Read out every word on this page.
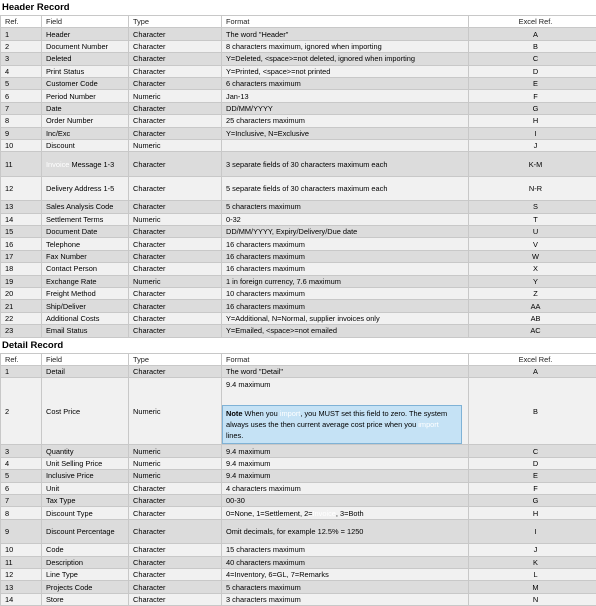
Header Record
Ref.	Field	Type	Format	Excel Ref.
1	Header	Character	The word "Header"	A
2	Document Number	Character	8 characters maximum, ignored when importing	B
3	Deleted	Character	Y=Deleted, <space>=not deleted, ignored when importing	C
4	Print Status	Character	Y=Printed, <space>=not printed	D
5	Customer Code	Character	6 characters maximum	E
6	Period Number	Numeric	Jan-13	F
7	Date	Character	DD/MM/YYYY	G
8	Order Number	Character	25 characters maximum	H
9	Inc/Exc	Character	Y=Inclusive, N=Exclusive	I
10	Discount	Numeric		J
11	Invoice Message 1-3	Character	3 separate fields of 30 characters maximum each	K-M
12	Delivery Address 1-5	Character	5 separate fields of 30 characters maximum each	N-R
13	Sales Analysis Code	Character	5 characters maximum	S
14	Settlement Terms	Numeric	0-32	T
15	Document Date	Character	DD/MM/YYYY, Expiry/Delivery/Due date	U
16	Telephone	Character	16 characters maximum	V
17	Fax Number	Character	16 characters maximum	W
18	Contact Person	Character	16 characters maximum	X
19	Exchange Rate	Numeric	1 in foreign currency, 7.6 maximum	Y
20	Freight Method	Character	10 characters maximum	Z
21	Ship/Deliver	Character	16 characters maximum	AA
22	Additional Costs	Character	Y=Additional, N=Normal, supplier invoices only	AB
23	Email Status	Character	Y=Emailed, <space>=not emailed	AC
Detail Record
Ref.	Field	Type	Format	Excel Ref.
1	Detail	Character	The word "Detail"	A
2	Cost Price	Numeric	9.4 maximum
Note When you import, you MUST set this field to zero. The system always uses the then current average cost price when you import lines.	B
3	Quantity	Numeric	9.4 maximum	C
4	Unit Selling Price	Numeric	9.4 maximum	D
5	Inclusive Price	Numeric	9.4 maximum	E
6	Unit	Character	4 characters maximum	F
7	Tax Type	Character	00-30	G
8	Discount Type	Character	0=None, 1=Settlement, 2=Invoice, 3=Both	H
9	Discount Percentage	Character	Omit decimals, for example 12.5% = 1250	I
10	Code	Character	15 characters maximum	J
11	Description	Character	40 characters maximum	K
12	Line Type	Character	4=Inventory, 6=GL, 7=Remarks	L
13	Projects Code	Character	5 characters maximum	M
14	Store	Character	3 characters maximum	N
